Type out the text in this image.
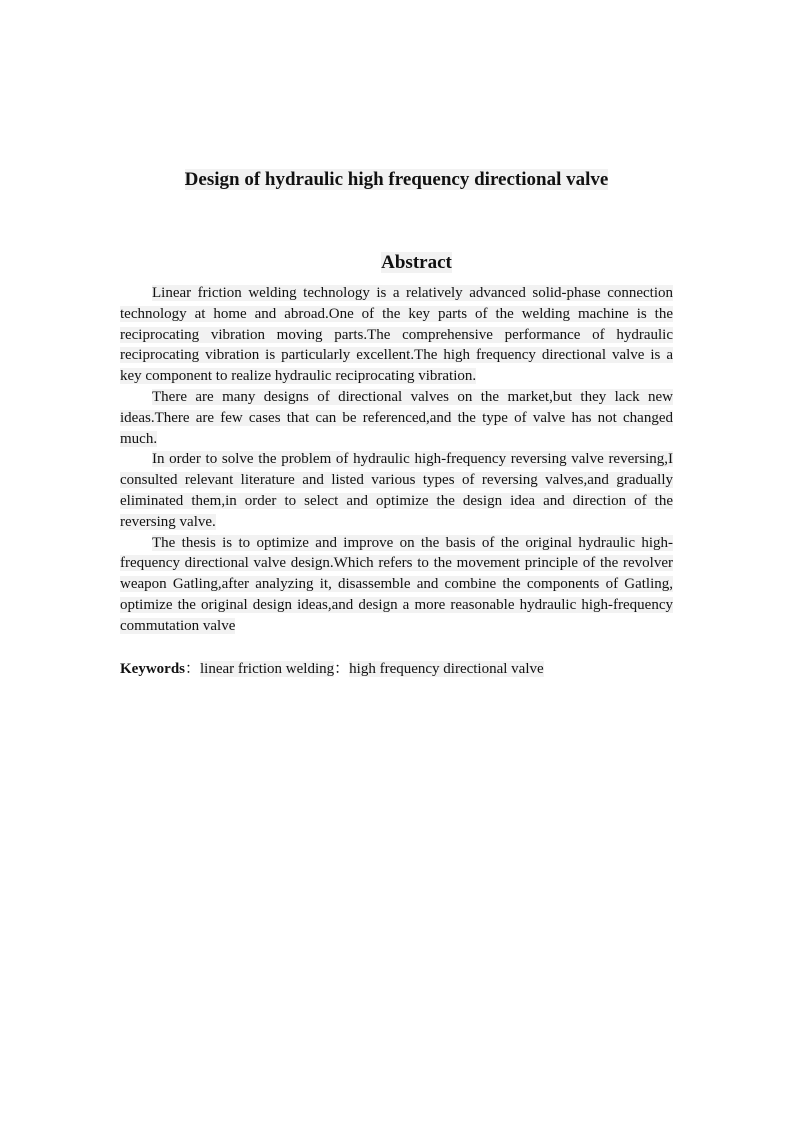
Design of hydraulic high frequency directional valve
Abstract

Linear friction welding technology is a relatively advanced solid-phase connection technology at home and abroad.One of the key parts of the welding machine is the reciprocating vibration moving parts.The comprehensive performance of hydraulic reciprocating vibration is particularly excellent.The high frequency directional valve is a key component to realize hydraulic reciprocating vibration.

There are many designs of directional valves on the market,but they lack new ideas.There are few cases that can be referenced,and the type of valve has not changed much.

In order to solve the problem of hydraulic high-frequency reversing valve reversing,I consulted relevant literature and listed various types of reversing valves,and gradually eliminated them,in order to select and optimize the design idea and direction of the reversing valve.

The thesis is to optimize and improve on the basis of the original hydraulic high-frequency directional valve design.Which refers to the movement principle of the revolver weapon Gatling,after analyzing it, disassemble and combine the components of Gatling, optimize the original design ideas,and design a more reasonable hydraulic high-frequency commutation valve

Keywords：linear friction welding：high frequency directional valve
